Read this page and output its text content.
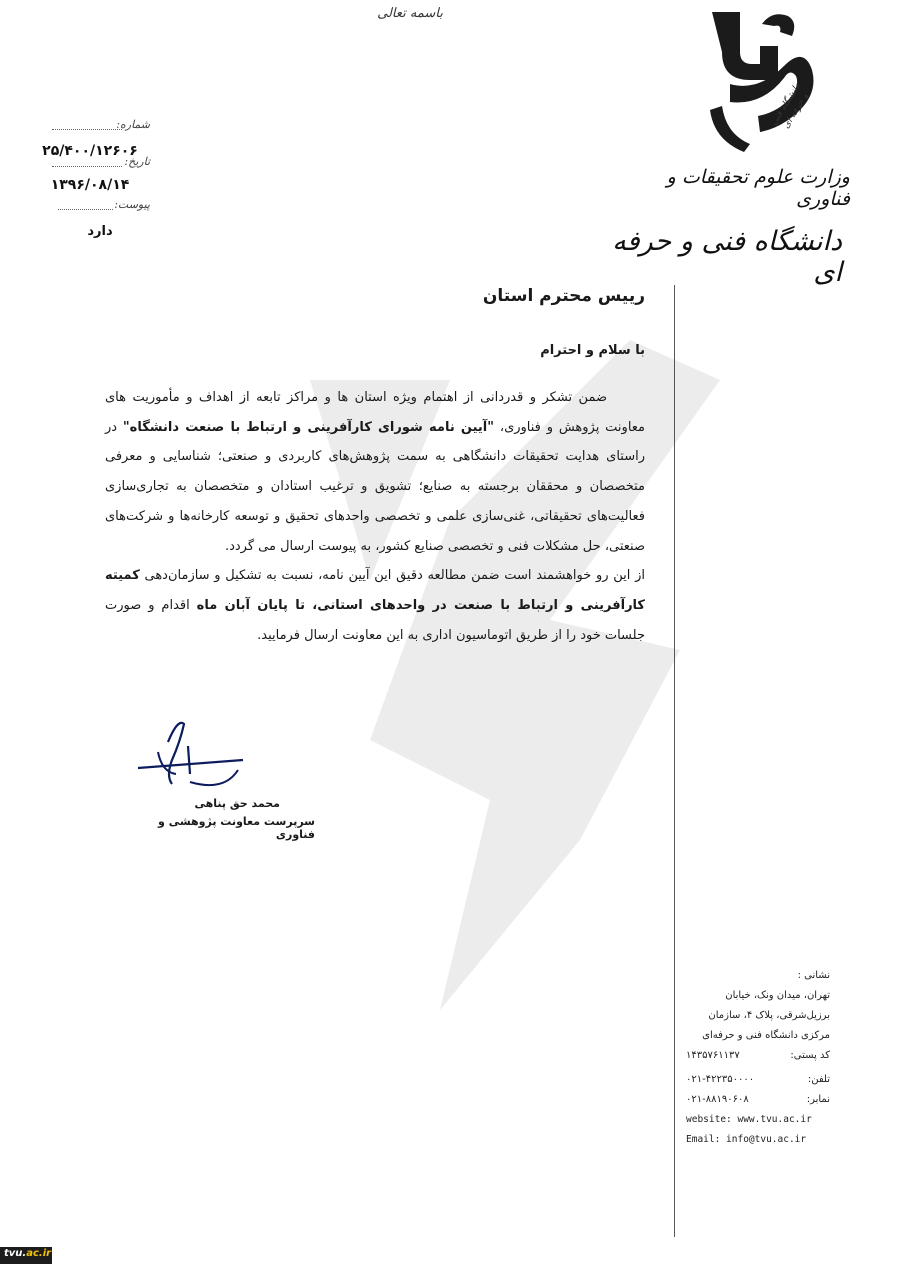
باسمه تعالی
دانشگاه فنی و حرفه ای
وزارت علوم تحقیقات و فناوری
دانشگاه فنی و حرفه ای
شماره:
۲۵/۴۰۰/۱۲۶۰۶
تاریخ:
۱۳۹۶/۰۸/۱۴
پیوست:
دارد
رییس محترم استان
با سلام و احترام

ضمن تشکر و قدردانی از اهتمام ویژه استان ها و مراکز تابعه از اهداف و مأموریت های معاونت پژوهش و فناوری، "آیین نامه شورای کارآفرینی و ارتباط با صنعت دانشگاه" در راستای هدایت تحقیقات دانشگاهی به سمت پژوهش‌های کاربردی و صنعتی؛ شناسایی و معرفی متخصصان و محققان برجسته به صنایع؛ تشویق و ترغیب استادان و متخصصان به تجاری‌سازی فعالیت‌های تحقیقاتی، غنی‌سازی علمی و تخصصی واحدهای تحقیق و توسعه کارخانه‌ها و شرکت‌های صنعتی، حل مشکلات فنی و تخصصی صنایع کشور، به پیوست ارسال می گردد.

از این رو خواهشمند است ضمن مطالعه دقیق این آیین نامه، نسبت به تشکیل و سازمان‌دهی کمیته کارآفرینی و ارتباط با صنعت در واحدهای استانی، تا پایان آبان ماه اقدام و صورت جلسات خود را از طریق اتوماسیون اداری به این معاونت ارسال فرمایید.

محمد حق پناهی
سرپرست معاونت پژوهشی و فناوری
نشانی :
تهران، میدان ونک، خیابان
برزیل‌شرقی، پلاک ۴، سازمان
مرکزی دانشگاه فنی و حرفه‌ای
کد پستی:
۱۴۳۵۷۶۱۱۳۷
تلفن:
۰۲۱-۴۲۲۳۵۰۰۰۰
نمابر:
۰۲۱-۸۸۱۹۰۶۰۸
website: www.tvu.ac.ir
Email: info@tvu.ac.ir
tvu.ac.ir
